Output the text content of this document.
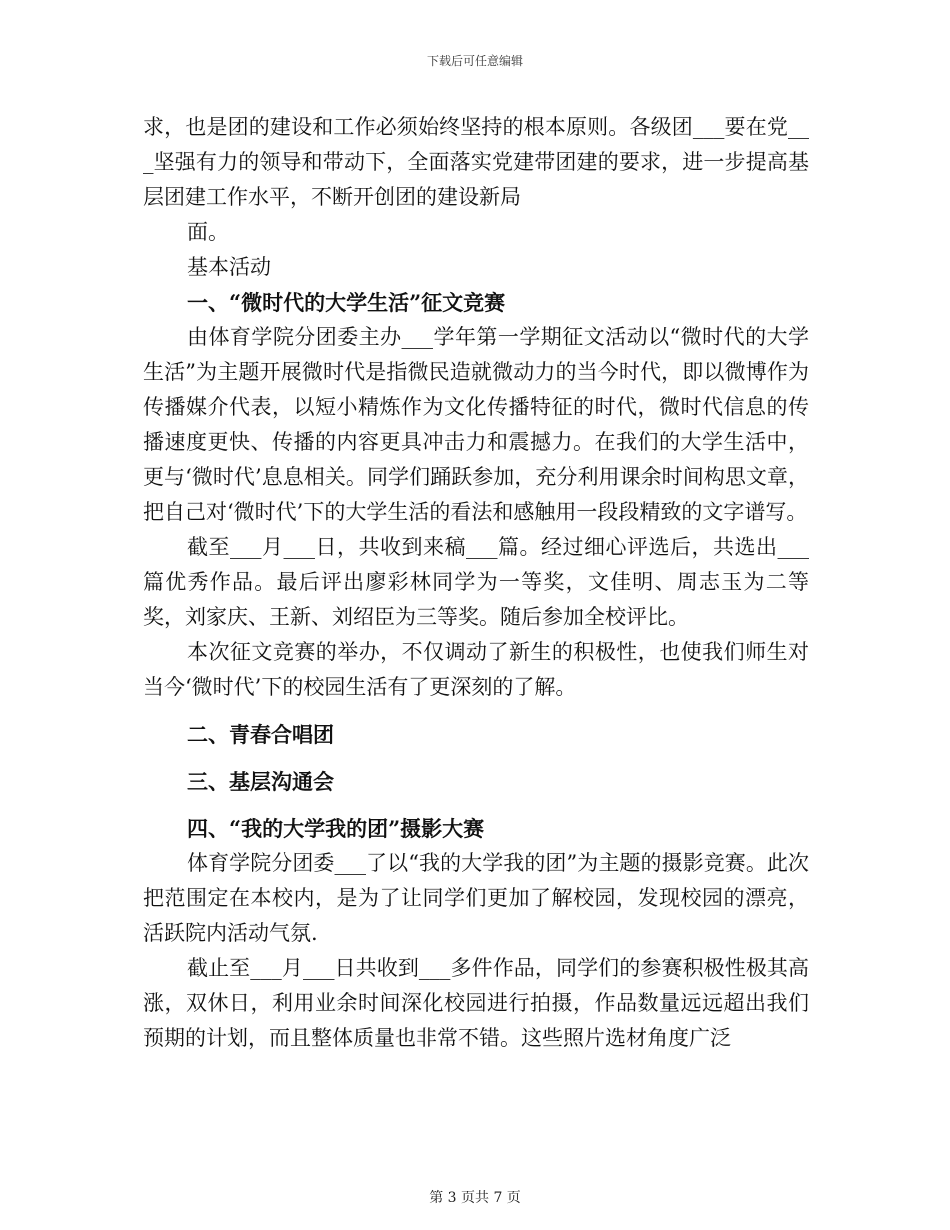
下载后可任意编辑

求，也是团的建设和工作必须始终坚持的根本原则。各级团___要在党___坚强有力的领导和带动下，全面落实党建带团建的要求，进一步提高基层团建工作水平，不断开创团的建设新局

面。

基本活动

一、“微时代的大学生活”征文竞赛

由体育学院分团委主办___学年第一学期征文活动以“微时代的大学生活”为主题开展微时代是指微民造就微动力的当今时代，即以微博作为传播媒介代表，以短小精炼作为文化传播特征的时代，微时代信息的传播速度更快、传播的内容更具冲击力和震撼力。在我们的大学生活中，更与‘微时代’息息相关。同学们踊跃参加，充分利用课余时间构思文章，把自己对‘微时代’下的大学生活的看法和感触用一段段精致的文字谱写。

截至___月___日，共收到来稿___篇。经过细心评选后，共选出___篇优秀作品。最后评出廖彩林同学为一等奖，文佳明、周志玉为二等奖，刘家庆、王新、刘绍臣为三等奖。随后参加全校评比。

本次征文竞赛的举办，不仅调动了新生的积极性，也使我们师生对当今‘微时代’下的校园生活有了更深刻的了解。

二、青春合唱团

三、基层沟通会

四、“我的大学我的团”摄影大赛

体育学院分团委___了以“我的大学我的团”为主题的摄影竞赛。此次把范围定在本校内，是为了让同学们更加了解校园，发现校园的漂亮，活跃院内活动气氛.

截止至___月___日共收到___多件作品，同学们的参赛积极性极其高涨，双休日，利用业余时间深化校园进行拍摄，作品数量远远超出我们预期的计划，而且整体质量也非常不错。这些照片选材角度广泛

第 3 页共 7 页
